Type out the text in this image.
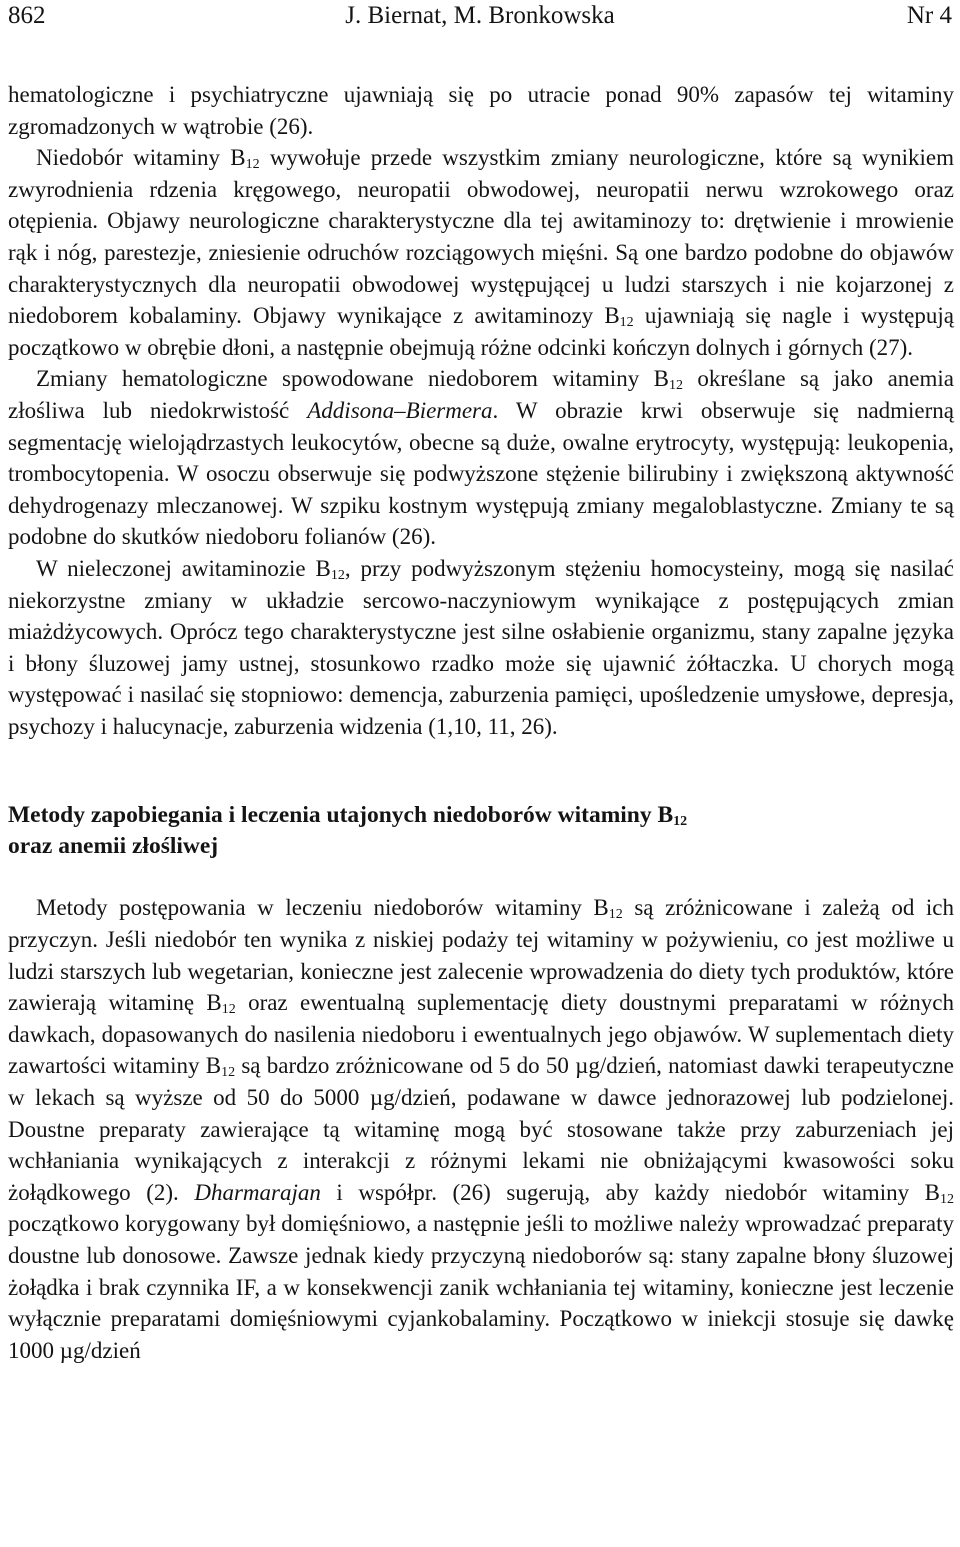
862	J. Biernat, M. Bronkowska	Nr 4

hematologiczne i psychiatryczne ujawniają się po utracie ponad 90% zapasów tej witaminy zgromadzonych w wątrobie (26).

Niedobór witaminy $B_{12}$ wywołuje przede wszystkim zmiany neurologiczne, które są wynikiem zwyrodnienia rdzenia kręgowego, neuropatii obwodowej, neuropatii nerwu wzrokowego oraz otępienia. Objawy neurologiczne charakterystyczne dla tej awitaminozy to: drętwienie i mrowienie rąk i nóg, parestezje, zniesienie odruchów rozciągowych mięśni. Są one bardzo podobne do objawów charakterystycznych dla neuropatii obwodowej występującej u ludzi starszych i nie kojarzonej z niedoborem kobalaminy. Objawy wynikające z awitaminozy $B_{12}$ ujawniają się nagle i występują początkowo w obrębie dłoni, a następnie obejmują różne odcinki kończyn dolnych i górnych (27).

Zmiany hematologiczne spowodowane niedoborem witaminy $B_{12}$ określane są jako anemia złośliwa lub niedokrwistość Addisona–Biermera. W obrazie krwi obserwuje się nadmierną segmentację wielojądrzastych leukocytów, obecne są duże, owalne erytrocyty, występują: leukopenia, trombocytopenia. W osoczu obserwuje się podwyższone stężenie bilirubiny i zwiększoną aktywność dehydrogenazy mleczanowej. W szpiku kostnym występują zmiany megaloblastyczne. Zmiany te są podobne do skutków niedoboru folianów (26).

W nieleczonej awitaminozie $B_{12}$, przy podwyższonym stężeniu homocysteiny, mogą się nasilać niekorzystne zmiany w układzie sercowo-naczyniowym wynikające z postępujących zmian miażdżycowych. Oprócz tego charakterystyczne jest silne osłabienie organizmu, stany zapalne języka i błony śluzowej jamy ustnej, stosunkowo rzadko może się ujawnić żółtaczka. U chorych mogą występować i nasilać się stopniowo: demencja, zaburzenia pamięci, upośledzenie umysłowe, depresja, psychozy i halucynacje, zaburzenia widzenia (1,10, 11, 26).

Metody zapobiegania i leczenia utajonych niedoborów witaminy $B_{12}$
oraz anemii złośliwej

Metody postępowania w leczeniu niedoborów witaminy $B_{12}$ są zróżnicowane i zależą od ich przyczyn. Jeśli niedobór ten wynika z niskiej podaży tej witaminy w pożywieniu, co jest możliwe u ludzi starszych lub wegetarian, konieczne jest zalecenie wprowadzenia do diety tych produktów, które zawierają witaminę $B_{12}$ oraz ewentualną suplementację diety doustnymi preparatami w różnych dawkach, dopasowanych do nasilenia niedoboru i ewentualnych jego objawów. W suplementach diety zawartości witaminy $B_{12}$ są bardzo zróżnicowane od 5 do 50 µg/dzień, natomiast dawki terapeutyczne w lekach są wyższe od 50 do 5000 µg/dzień, podawane w dawce jednorazowej lub podzielonej. Doustne preparaty zawierające tą witaminę mogą być stosowane także przy zaburzeniach jej wchłaniania wynikających z interakcji z różnymi lekami nie obniżającymi kwasowości soku żołądkowego (2). Dharmarajan i współpr. (26) sugerują, aby każdy niedobór witaminy $B_{12}$ początkowo korygowany był domięśniowo, a następnie jeśli to możliwe należy wprowadzać preparaty doustne lub donosowe. Zawsze jednak kiedy przyczyną niedoborów są: stany zapalne błony śluzowej żołądka i brak czynnika IF, a w konsekwencji zanik wchłaniania tej witaminy, konieczne jest leczenie wyłącznie preparatami domięśniowymi cyjankobalaminy. Początkowo w iniekcji stosuje się dawkę 1000 µg/dzień
